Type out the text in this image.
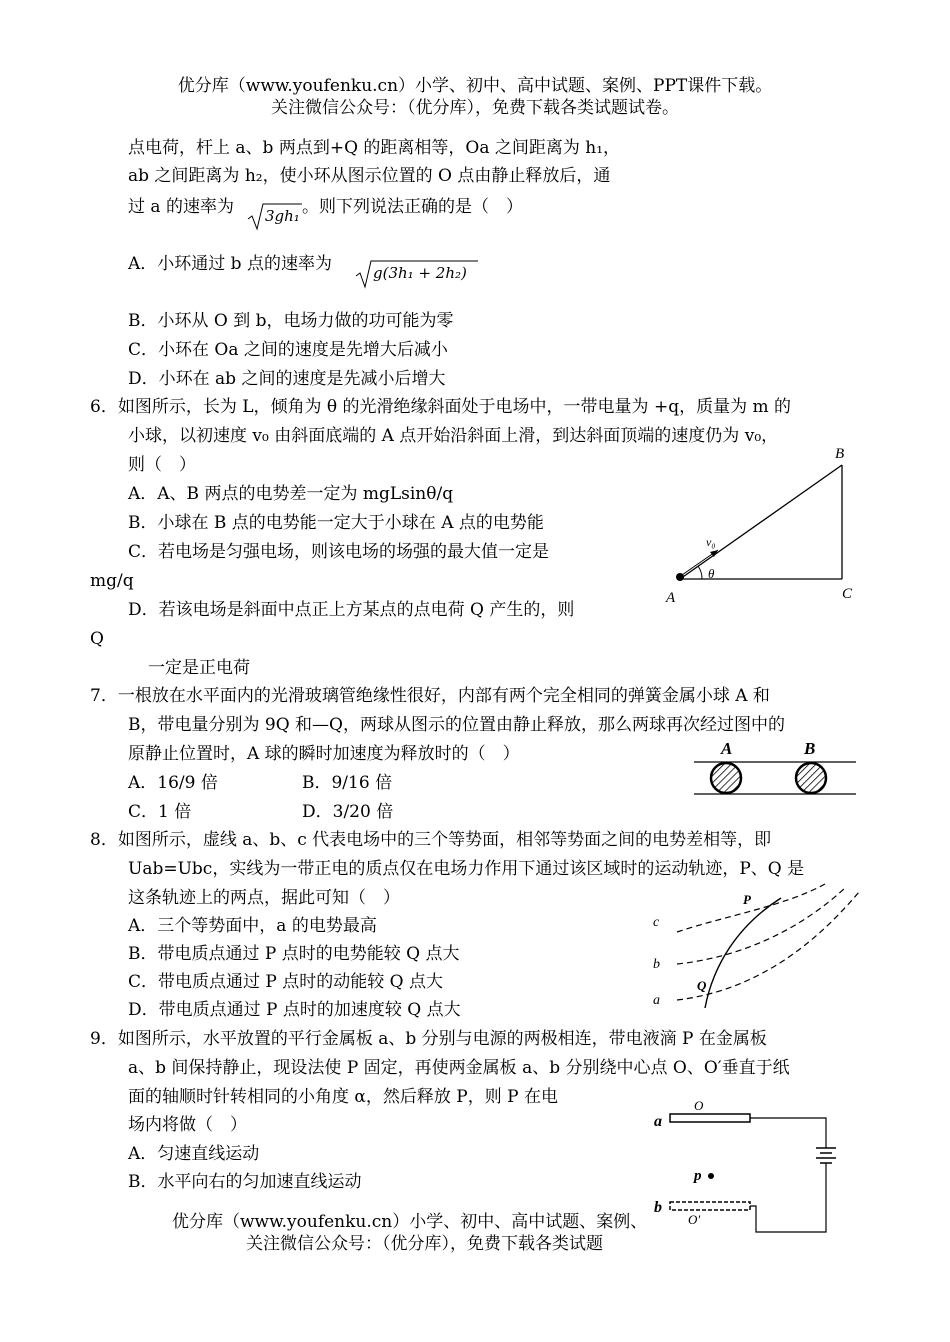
优分库（www.youfenku.cn）小学、初中、高中试题、案例、PPT课件下载。
关注微信公众号：（优分库），免费下载各类试题试卷。
点电荷，杆上 a、b 两点到+Q 的距离相等，Oa 之间距离为 h₁，
ab 之间距离为 h₂，使小环从图示位置的 O 点由静止释放后，通
过 a 的速率为 3gh₁ 。则下列说法正确的是（　）
A．小环通过 b 点的速率为	g(3h₁ + 2h₂)
B．小环从 O 到 b，电场力做的功可能为零
C．小环在 Oa 之间的速度是先增大后减小
D．小环在 ab 之间的速度是先减小后增大
6．如图所示，长为 L，倾角为 θ 的光滑绝缘斜面处于电场中，一带电量为 +q，质量为 m 的
小球，以初速度 v₀ 由斜面底端的 A 点开始沿斜面上滑，到达斜面顶端的速度仍为 v₀，
则（　）
A．A、B 两点的电势差一定为 mgLsinθ/q
B．小球在 B 点的电势能一定大于小球在 A 点的电势能
C．若电场是匀强电场，则该电场的场强的最大值一定是
mg/q
D．若该电场是斜面中点正上方某点的点电荷 Q 产生的，则
Q
一定是正电荷
B
A	C
v₀
θ
7．一根放在水平面内的光滑玻璃管绝缘性很好，内部有两个完全相同的弹簧金属小球 A 和
B，带电量分别为 9Q 和—Q，两球从图示的位置由静止释放，那么两球再次经过图中的
原静止位置时，A 球的瞬时加速度为释放时的（　）
A．16/9 倍	B．9/16 倍
C．1 倍	D．3/20 倍
A	B
8．如图所示，虚线 a、b、c 代表电场中的三个等势面，相邻等势面之间的电势差相等，即
Uab=Ubc，实线为一带正电的质点仅在电场力作用下通过该区域时的运动轨迹，P、Q 是
这条轨迹上的两点，据此可知（　）
A．三个等势面中，a 的电势最高
B．带电质点通过 P 点时的电势能较 Q 点大
C．带电质点通过 P 点时的动能较 Q 点大
D．带电质点通过 P 点时的加速度较 Q 点大
P
Q
a
b
c
9．如图所示，水平放置的平行金属板 a、b 分别与电源的两极相连，带电液滴 P 在金属板
a、b 间保持静止，现设法使 P 固定，再使两金属板 a、b 分别绕中心点 O、O′垂直于纸
面的轴顺时针转相同的小角度 α，然后释放 P，则 P 在电
场内将做（　）
A．匀速直线运动
B．水平向右的匀加速直线运动
a
b
O
O′
p
优分库（www.youfenku.cn）小学、初中、高中试题、案例、
关注微信公众号：（优分库），免费下载各类试题
